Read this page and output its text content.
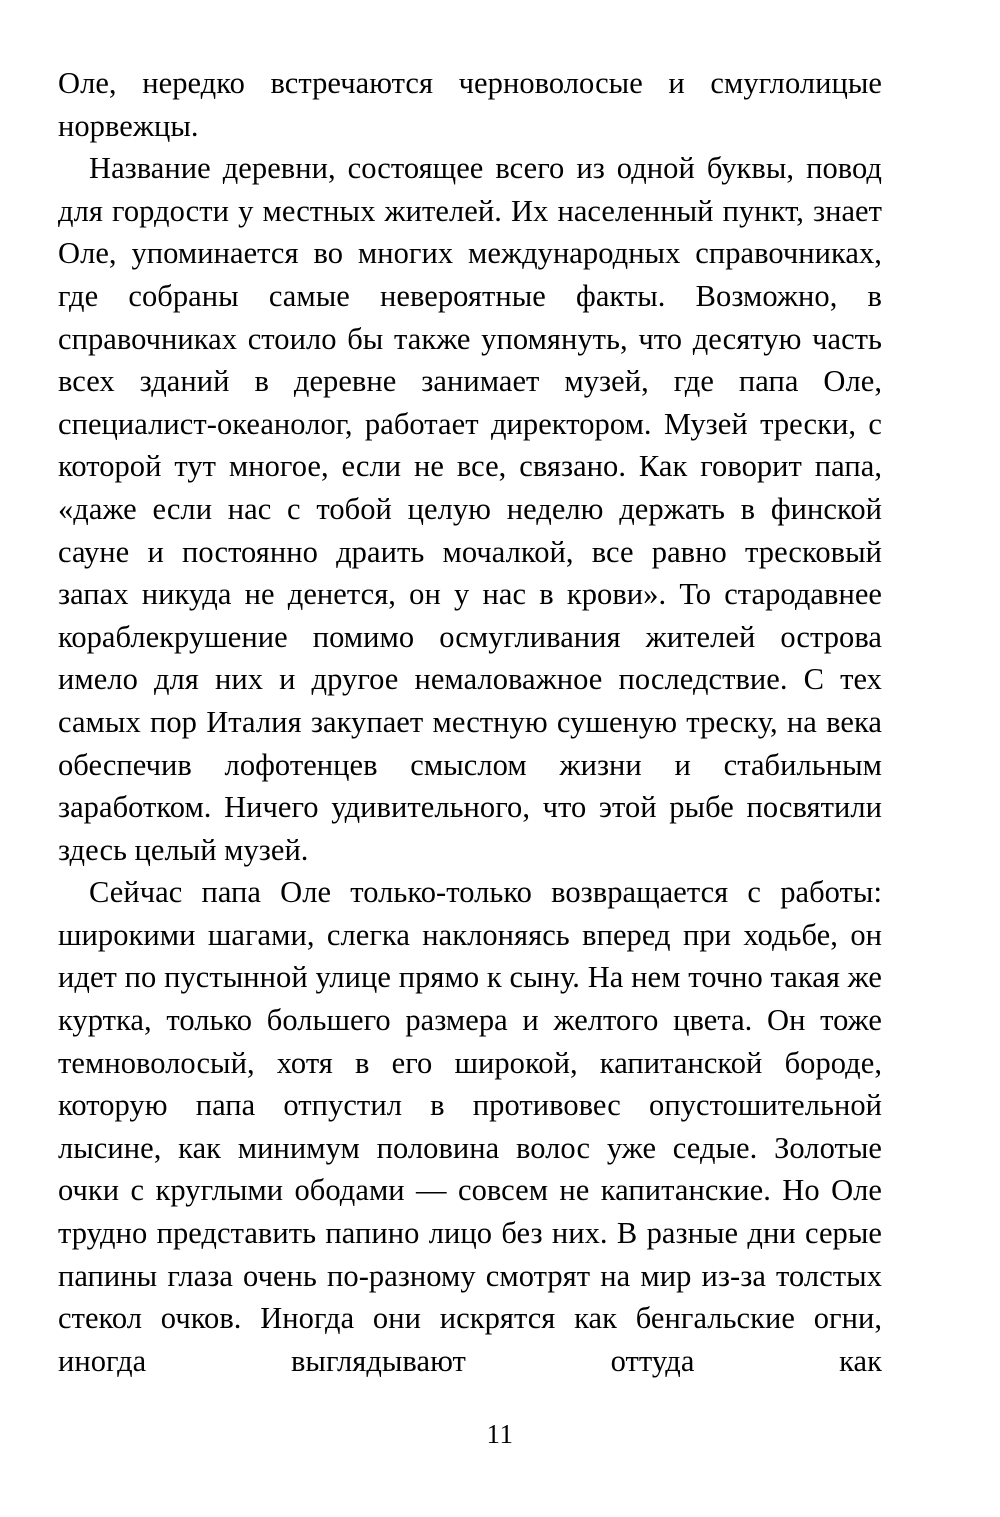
Оле, нередко встречаются черноволосые и смуглолицые норвежцы.

Название деревни, состоящее всего из одной буквы, повод для гордости у местных жителей. Их населенный пункт, знает Оле, упоминается во многих международных справочниках, где собраны самые невероятные факты. Возможно, в справочниках стоило бы также упомянуть, что десятую часть всех зданий в деревне занимает музей, где папа Оле, специалист-океанолог, работает директором. Музей трески, с которой тут многое, если не все, связано. Как говорит папа, «даже если нас с тобой целую неделю держать в финской сауне и постоянно драить мочалкой, все равно тресковый запах никуда не денется, он у нас в крови». То стародавнее кораблекрушение помимо осмугливания жителей острова имело для них и другое немаловажное последствие. С тех самых пор Италия закупает местную сушеную треску, на века обеспечив лофотенцев смыслом жизни и стабильным заработком. Ничего удивительного, что этой рыбе посвятили здесь целый музей.

Сейчас папа Оле только-только возвращается с работы: широкими шагами, слегка наклоняясь вперед при ходьбе, он идет по пустынной улице прямо к сыну. На нем точно такая же куртка, только большего размера и желтого цвета. Он тоже темноволосый, хотя в его широкой, капитанской бороде, которую папа отпустил в противовес опустошительной лысине, как минимум половина волос уже седые. Золотые очки с круглыми ободами — совсем не капитанские. Но Оле трудно представить папино лицо без них. В разные дни серые папины глаза очень по-разному смотрят на мир из-за толстых стекол очков. Иногда они искрятся как бенгальские огни, иногда выглядывают оттуда как

11
